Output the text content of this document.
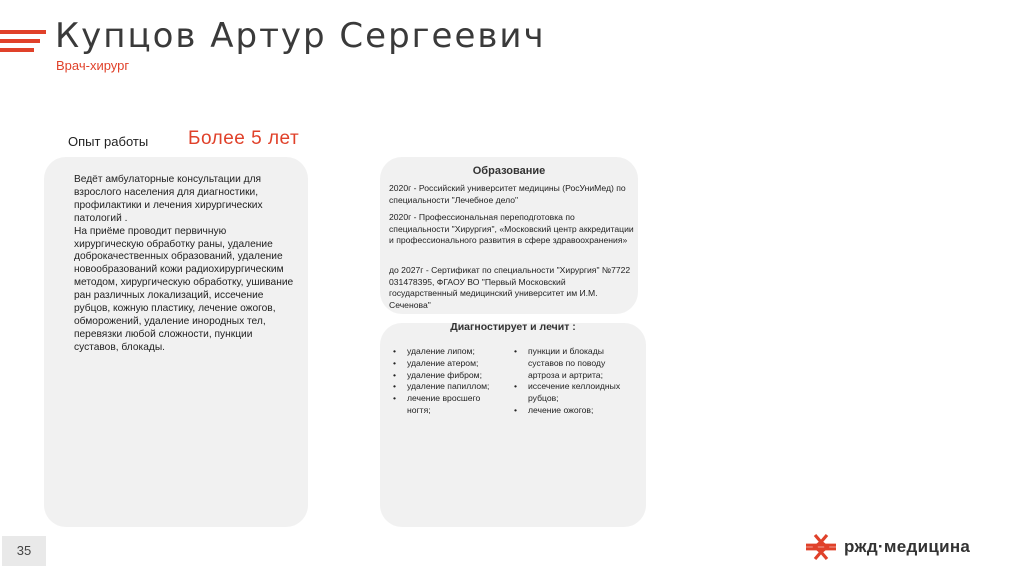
Купцов Артур Сергеевич
Врач-хирург
Опыт работы Более 5 лет

Ведёт амбулаторные консультации для взрослого населения для диагностики, профилактики и лечения хирургических патологий .

На приёме проводит первичную хирургическую обработку раны, удаление доброкачественных образований, удаление новообразований кожи радиохирургическим методом, хирургическую обработку, ушивание ран различных локализаций, иссечение рубцов, кожную пластику, лечение ожогов, обморожений, удаление инородных тел, перевязки любой сложности, пункции суставов, блокады.

Образование
2020г - Российский университет медицины (РосУниМед) по специальности "Лечебное дело"
2020г - Профессиональная переподготовка по специальности "Хирургия", «Московский центр аккредитации и профессионального развития в сфере здравоохранения»
до 2027г - Сертификат по специальности "Хирургия" №7722 031478395, ФГАОУ ВО "Первый Московский государственный медицинский университет им И.М. Сеченова"
Диагностирует и лечит :
• удаление липом;
• удаление атером;
• удаление фибром;
• удаление папиллом;
• лечение вросшего ногтя;
• пункции и блокады суставов по поводу артроза и артрита;
• иссечение келлоидных рубцов;
• лечение ожогов;
35	ржд·медицина
